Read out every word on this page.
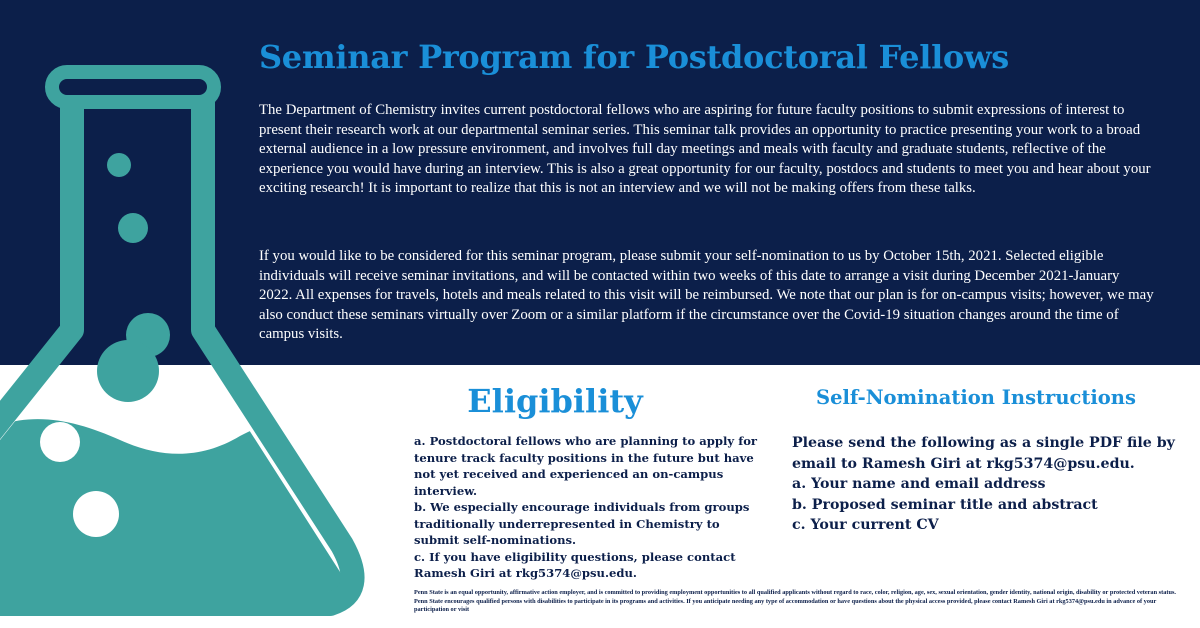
Seminar Program for Postdoctoral Fellows

The Department of Chemistry invites current postdoctoral fellows who are aspiring for future faculty positions to submit expressions of interest to present their research work at our departmental seminar series. This seminar talk provides an opportunity to practice presenting your work to a broad external audience in a low pressure environment, and involves full day meetings and meals with faculty and graduate students, reflective of the experience you would have during an interview. This is also a great opportunity for our faculty, postdocs and students to meet you and hear about your exciting research! It is important to realize that this is not an interview and we will not be making offers from these talks.

If you would like to be considered for this seminar program, please submit your self-nomination to us by October 15th, 2021. Selected eligible individuals will receive seminar invitations, and will be contacted within two weeks of this date to arrange a visit during December 2021-January 2022. All expenses for travels, hotels and meals related to this visit will be reimbursed. We note that our plan is for on-campus visits; however, we may also conduct these seminars virtually over Zoom or a similar platform if the circumstance over the Covid-19 situation changes around the time of campus visits.

Eligibility
a. Postdoctoral fellows who are planning to apply for tenure track faculty positions in the future but have not yet received and experienced an on-campus interview.
b. We especially encourage individuals from groups traditionally underrepresented in Chemistry to submit self-nominations.
c. If you have eligibility questions, please contact Ramesh Giri at rkg5374@psu.edu.
Self-Nomination Instructions

Please send the following as a single PDF file by email to Ramesh Giri at rkg5374@psu.edu.

a. Your name and email address
b. Proposed seminar title and abstract
c. Your current CV

Penn State is an equal opportunity, affirmative action employer, and is committed to providing employment opportunities to all qualified applicants without regard to race, color, religion, age, sex, sexual orientation, gender identity, national origin, disability or protected veteran status. Penn State encourages qualified persons with disabilities to participate in its programs and activities. If you anticipate needing any type of accommodation or have questions about the physical access provided, please contact Ramesh Giri at rkg5374@psu.edu in advance of your participation or visit
